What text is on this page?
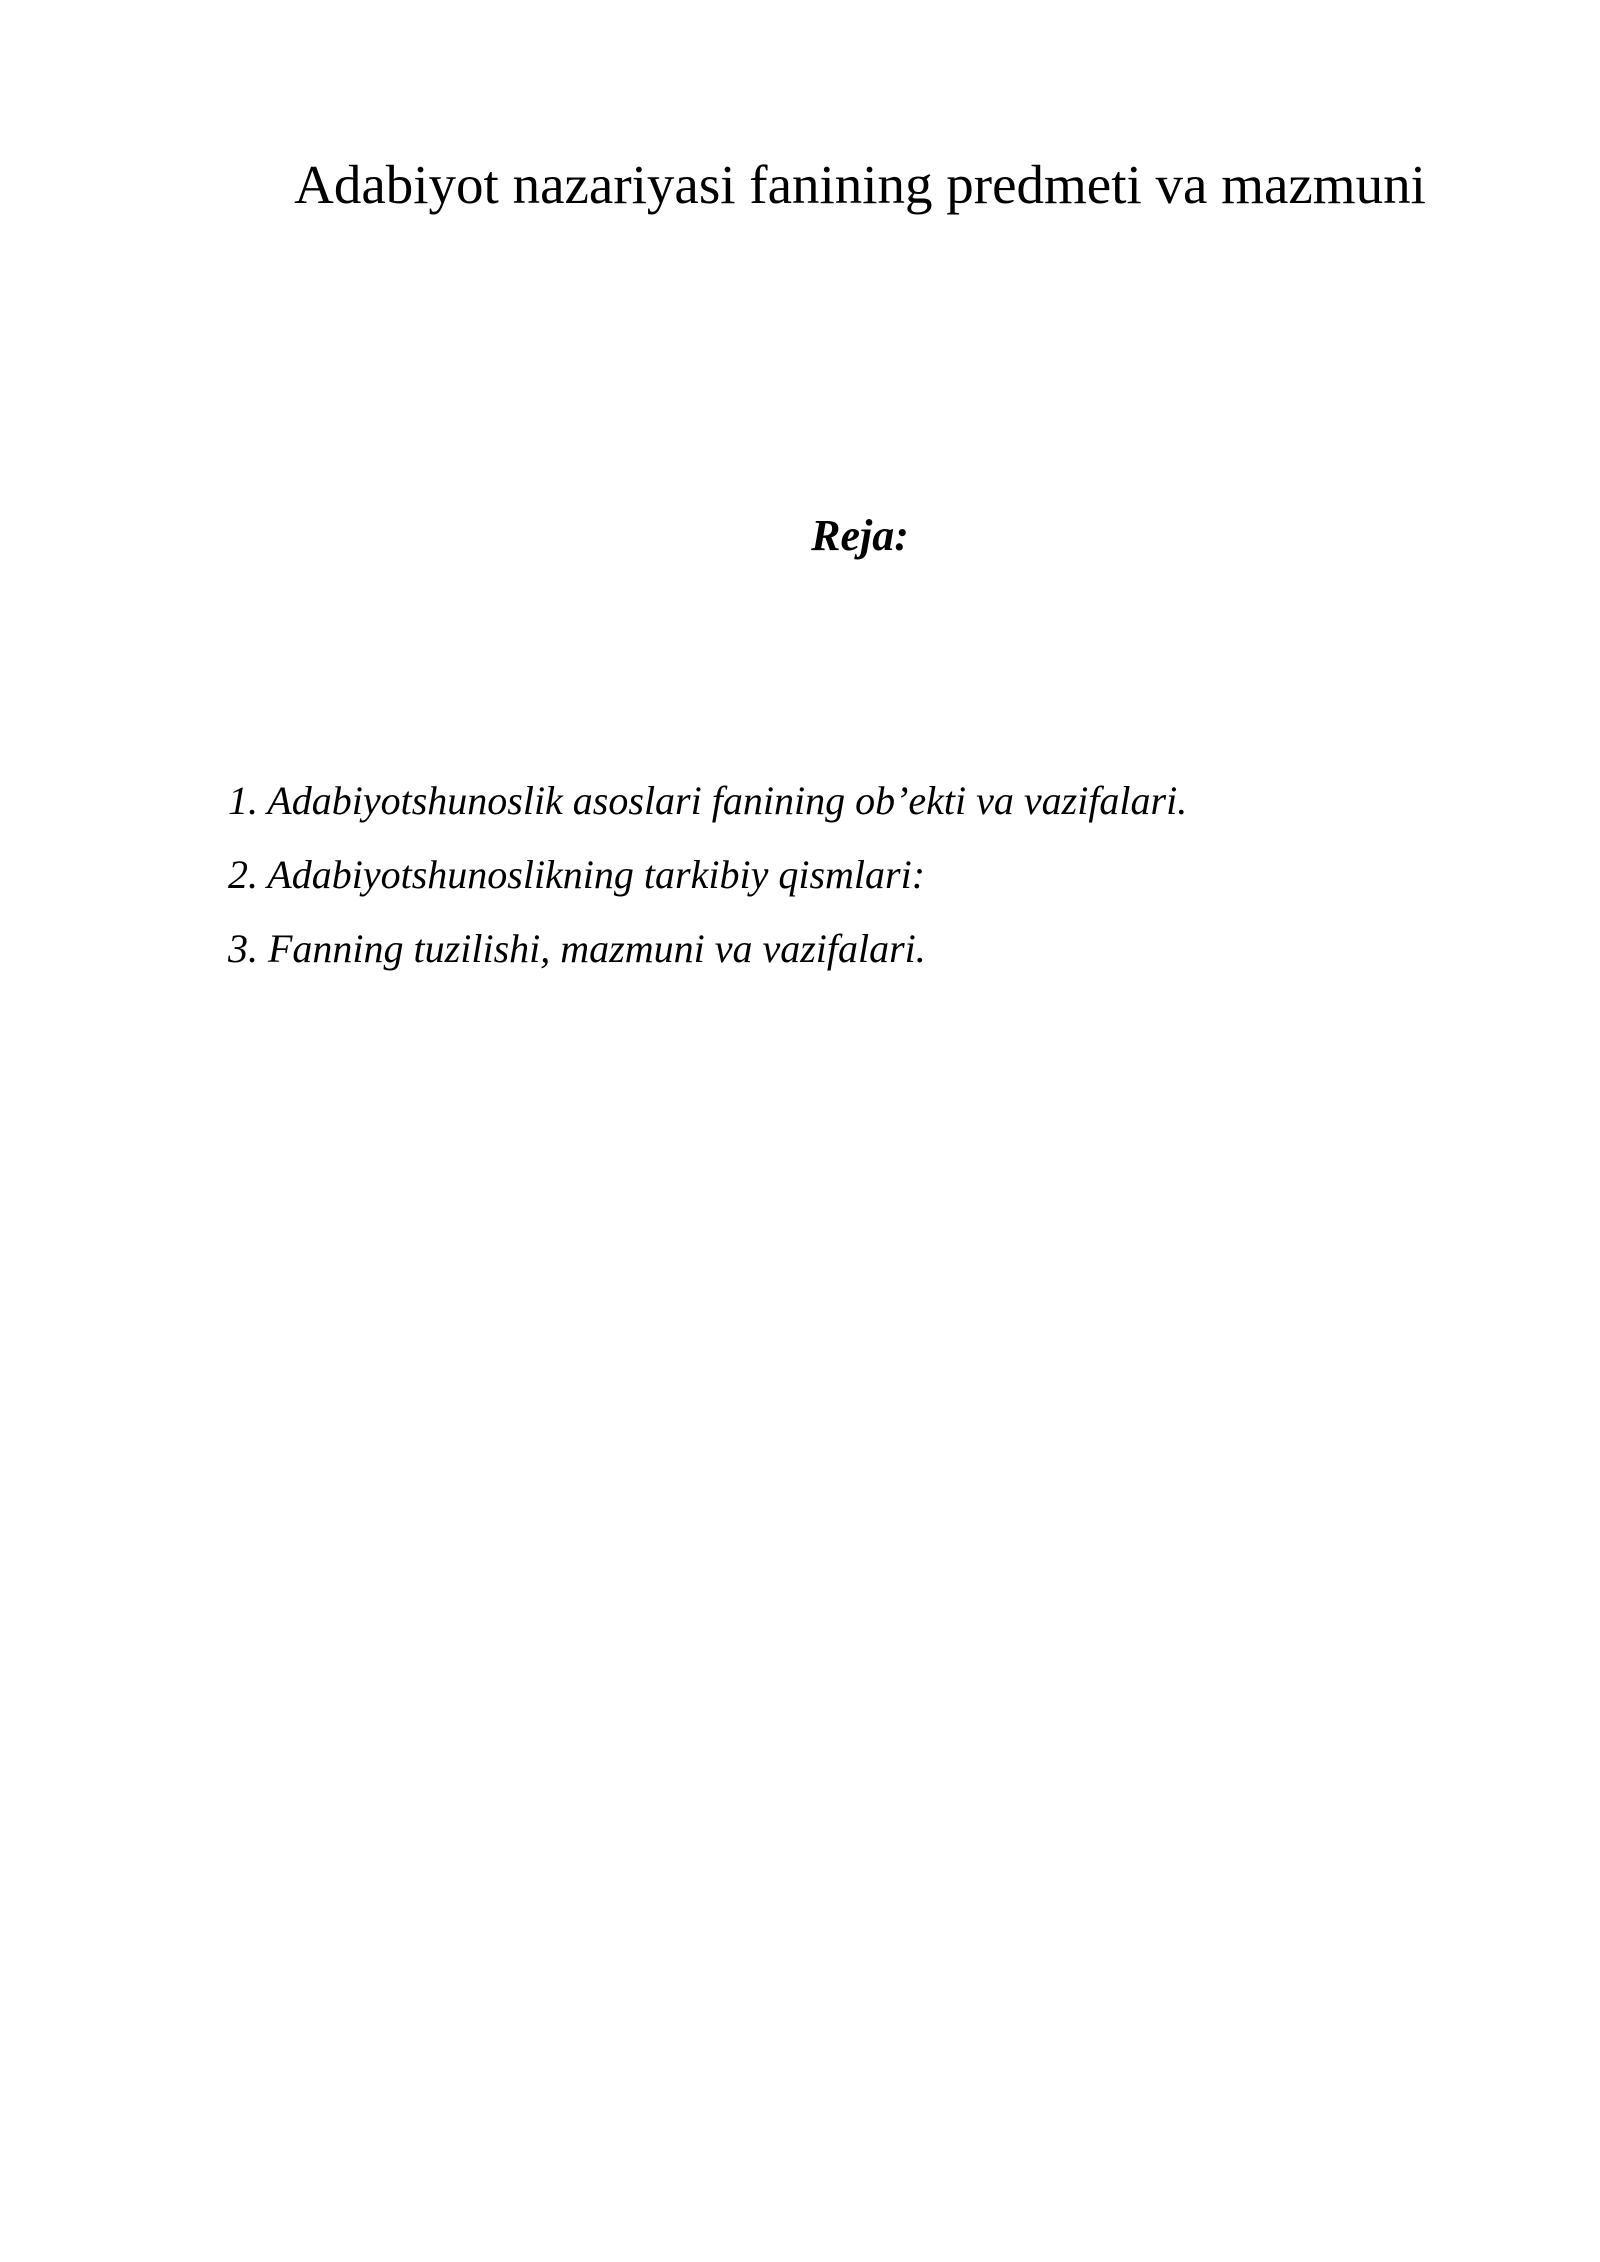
Adabiyot nazariyasi fanining predmeti va mazmuni
Reja:
1. Adabiyotshunoslik asoslari fanining ob’ekti va vazifalari.
2. Adabiyotshunoslikning tarkibiy qismlari:
3. Fanning tuzilishi, mazmuni va vazifalari.
